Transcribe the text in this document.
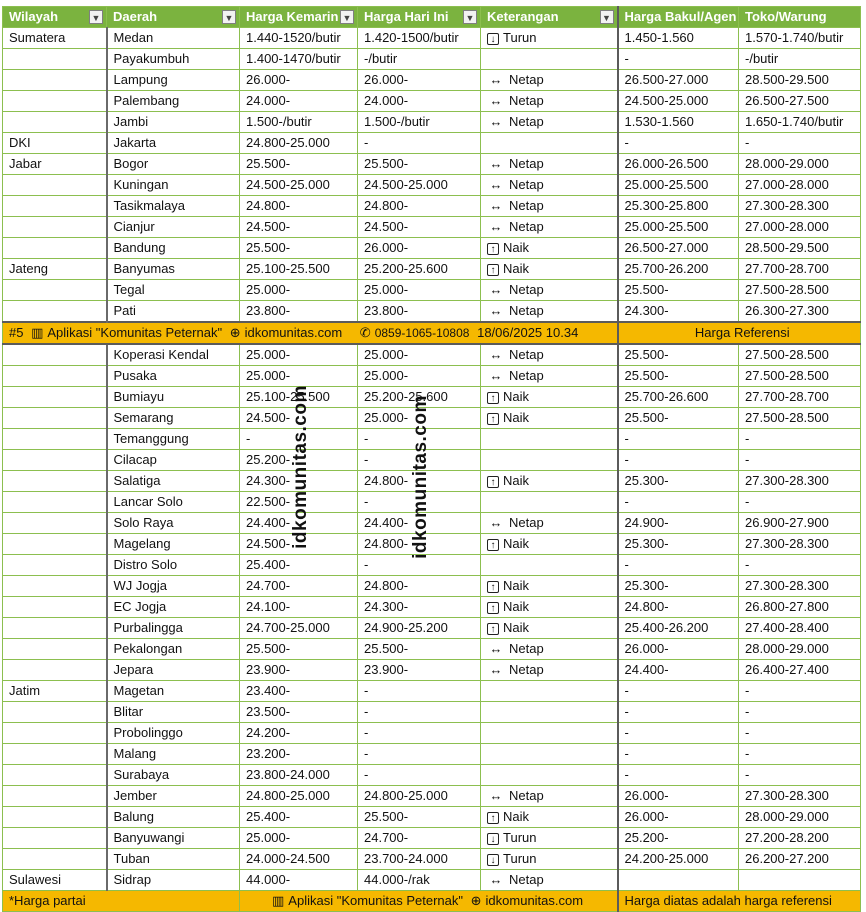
Wilayah ▼	Daerah ▼	Harga Kemarin ▼	Harga Hari Ini ▼	Keterangan ▼	Harga Bakul/Agen	Toko/Warung
Sumatera	Medan	1.440-1520/butir	1.420-1500/butir	↓ Turun	1.450-1.560	1.570-1.740/butir
	Payakumbuh	1.400-1470/butir	-/butir		-	-/butir
	Lampung	26.000-	26.000-	↔ Netap	26.500-27.000	28.500-29.500
	Palembang	24.000-	24.000-	↔ Netap	24.500-25.000	26.500-27.500
	Jambi	1.500-/butir	1.500-/butir	↔ Netap	1.530-1.560	1.650-1.740/butir
DKI	Jakarta	24.800-25.000	-		-	-
Jabar	Bogor	25.500-	25.500-	↔ Netap	26.000-26.500	28.000-29.000
	Kuningan	24.500-25.000	24.500-25.000	↔ Netap	25.000-25.500	27.000-28.000
	Tasikmalaya	24.800-	24.800-	↔ Netap	25.300-25.800	27.300-28.300
	Cianjur	24.500-	24.500-	↔ Netap	25.000-25.500	27.000-28.000
	Bandung	25.500-	26.000-	↑ Naik	26.500-27.000	28.500-29.500
Jateng	Banyumas	25.100-25.500	25.200-25.600	↑ Naik	25.700-26.200	27.700-28.700
	Tegal	25.000-	25.000-	↔ Netap	25.500-	27.500-28.500
	Pati	23.800-	23.800-	↔ Netap	24.300-	26.300-27.300
#5 ▥ Aplikasi "Komunitas Peternak" ⊕ idkomunitas.com ✆ 0859-1065-10808 18/06/2025 10.34					Harga Referensi	
	Koperasi Kendal	25.000-	25.000-	↔ Netap	25.500-	27.500-28.500
	Pusaka	25.000-	25.000-	↔ Netap	25.500-	27.500-28.500
	Bumiayu	25.100-25.500	25.200-25.600	↑ Naik	25.700-26.600	27.700-28.700
	Semarang	24.500-	25.000-	↑ Naik	25.500-	27.500-28.500
	Temanggung	-	-		-	-
	Cilacap	25.200-	-		-	-
	Salatiga	24.300-	24.800-	↑ Naik	25.300-	27.300-28.300
	Lancar Solo	22.500-	-		-	-
	Solo Raya	24.400-	24.400-	↔ Netap	24.900-	26.900-27.900
	Magelang	24.500-	24.800-	↑ Naik	25.300-	27.300-28.300
	Distro Solo	25.400-	-		-	-
	WJ Jogja	24.700-	24.800-	↑ Naik	25.300-	27.300-28.300
	EC Jogja	24.100-	24.300-	↑ Naik	24.800-	26.800-27.800
	Purbalingga	24.700-25.000	24.900-25.200	↑ Naik	25.400-26.200	27.400-28.400
	Pekalongan	25.500-	25.500-	↔ Netap	26.000-	28.000-29.000
	Jepara	23.900-	23.900-	↔ Netap	24.400-	26.400-27.400
Jatim	Magetan	23.400-	-		-	-
	Blitar	23.500-	-		-	-
	Probolinggo	24.200-	-		-	-
	Malang	23.200-	-		-	-
	Surabaya	23.800-24.000	-		-	-
	Jember	24.800-25.000	24.800-25.000	↔ Netap	26.000-	27.300-28.300
	Balung	25.400-	25.500-	↑ Naik	26.000-	28.000-29.000
	Banyuwangi	25.000-	24.700-	↓ Turun	25.200-	27.200-28.200
	Tuban	24.000-24.500	23.700-24.000	↓ Turun	24.200-25.000	26.200-27.200
Sulawesi	Sidrap	44.000-	44.000-/rak	↔ Netap		
*Harga partai		▥ Aplikasi "Komunitas Peternak" ⊕ idkomunitas.com			Harga diatas adalah harga referensi	
idkomunitas.com	idkomunitas.com
